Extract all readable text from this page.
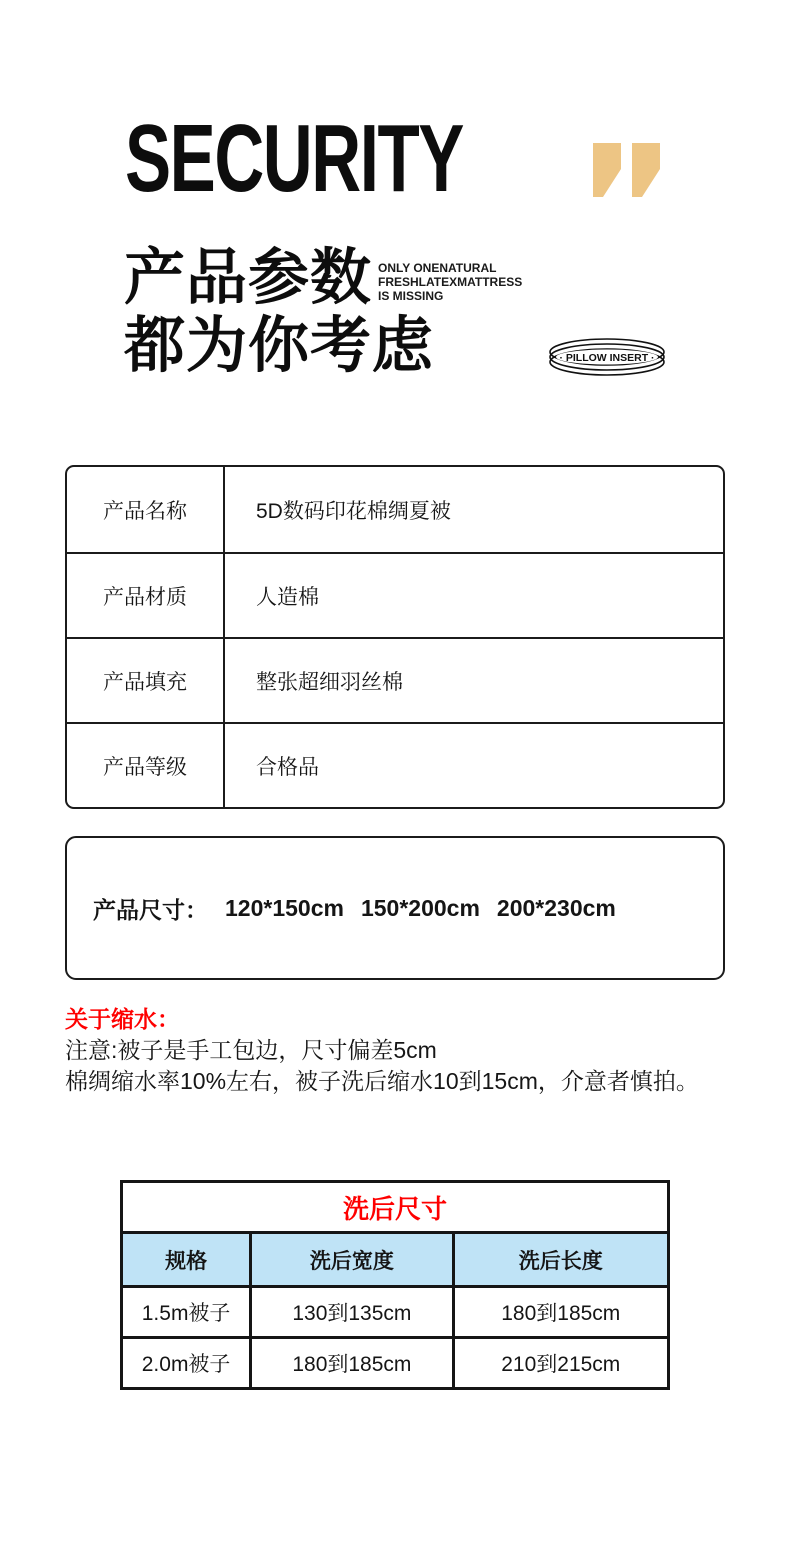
SECURITY
产品参数
都为你考虑
ONLY ONENATURAL
FRESHLATEXMATTRESS
IS MISSING
· PILLOW INSERT ·
产品名称	5D数码印花棉绸夏被
产品材质	人造棉
产品填充	整张超细羽丝棉
产品等级	合格品
产品尺寸： 120*150cm 150*200cm 200*230cm
关于缩水：
注意:被子是手工包边，尺寸偏差5cm
棉绸缩水率10%左右，被子洗后缩水10到15cm，介意者慎拍。
洗后尺寸
规格	洗后宽度	洗后长度
1.5m被子	130到135cm	180到185cm
2.0m被子	180到185cm	210到215cm
